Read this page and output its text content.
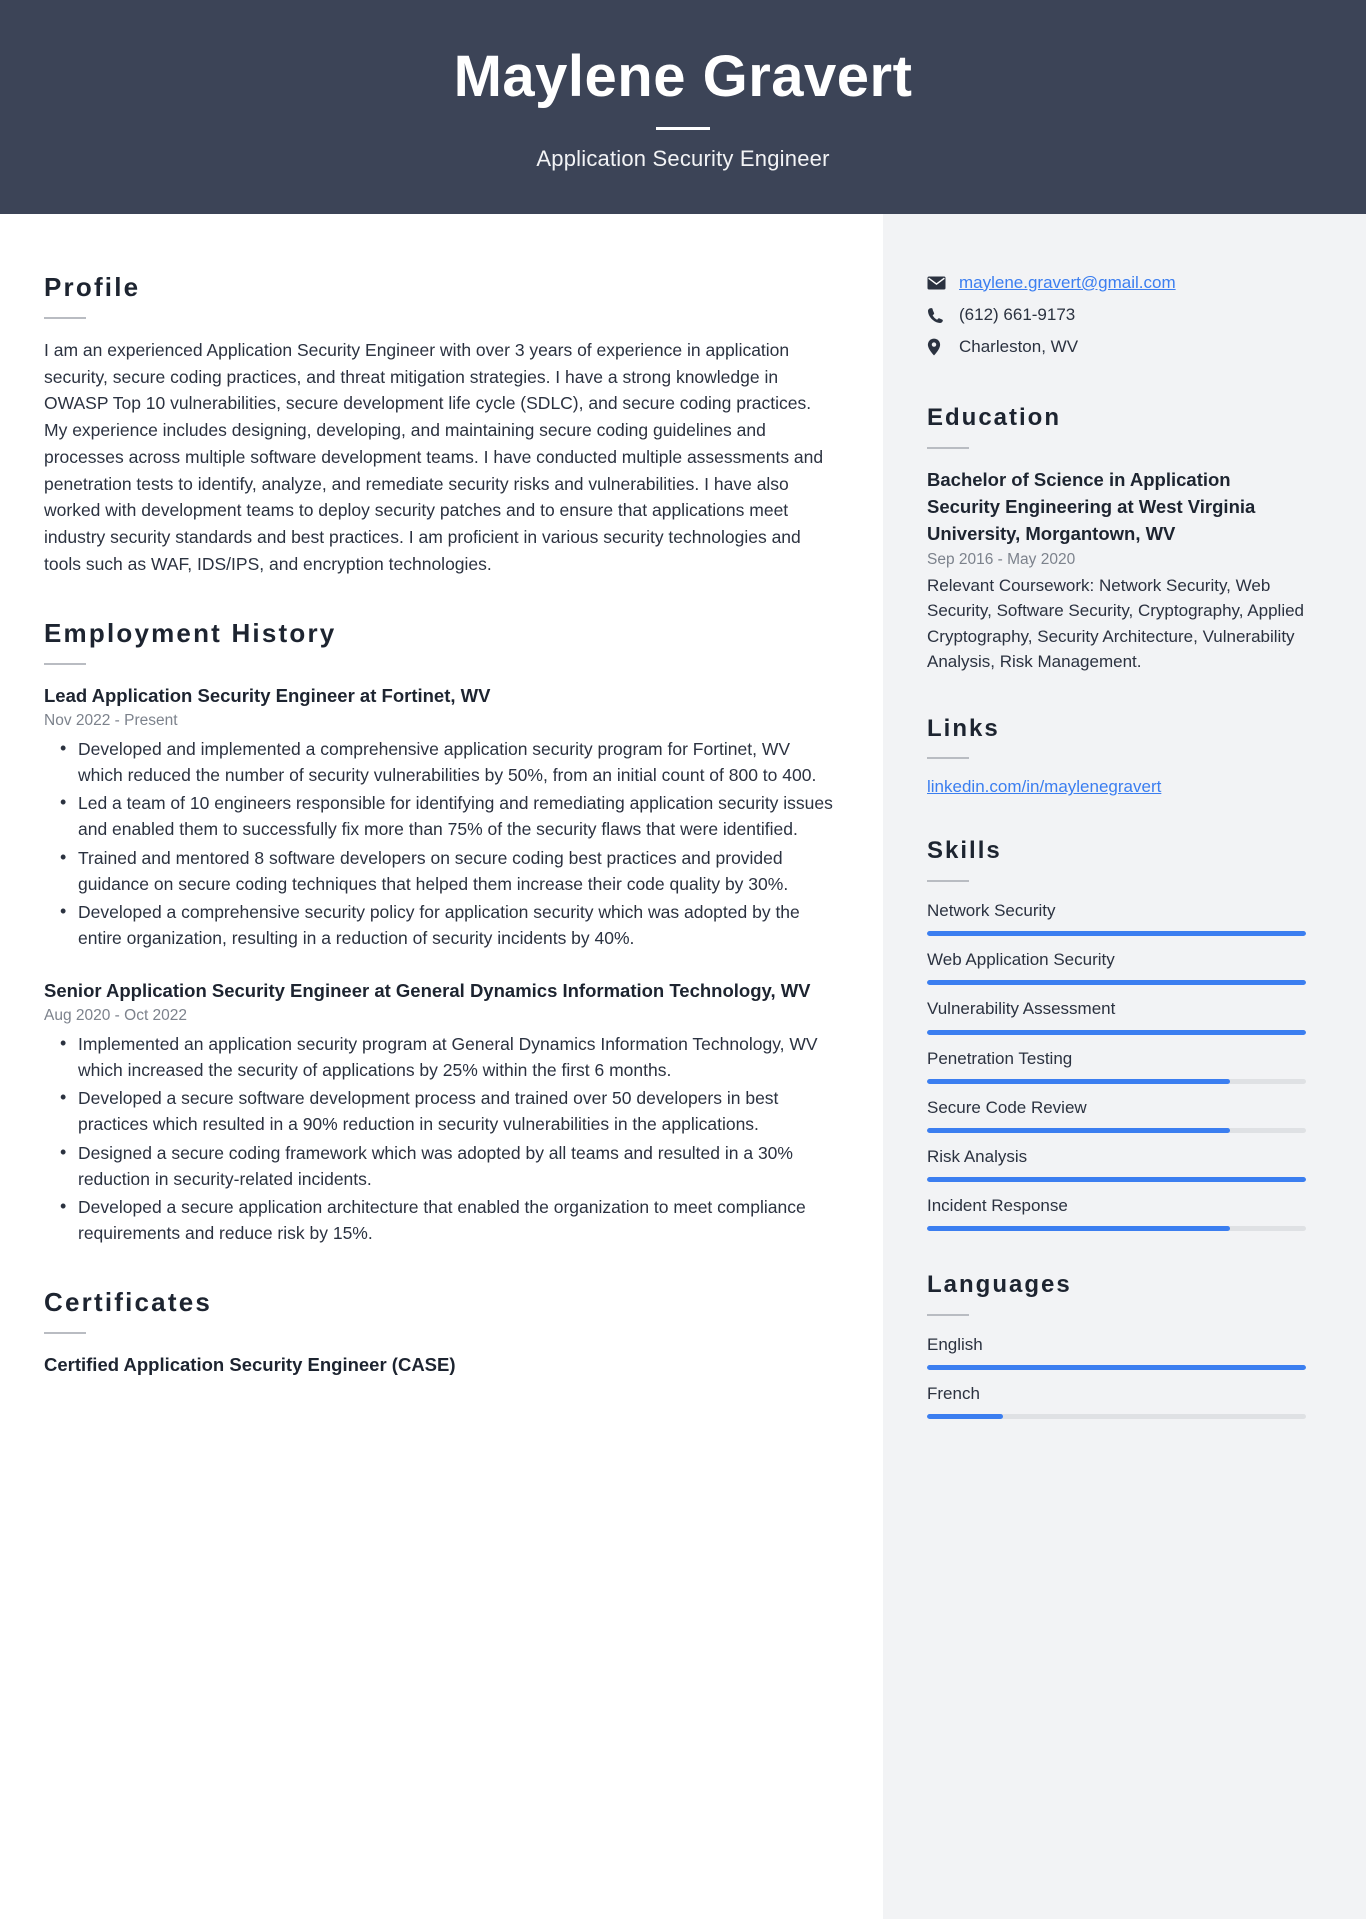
Maylene Gravert
Application Security Engineer
Profile
I am an experienced Application Security Engineer with over 3 years of experience in application security, secure coding practices, and threat mitigation strategies. I have a strong knowledge in OWASP Top 10 vulnerabilities, secure development life cycle (SDLC), and secure coding practices. My experience includes designing, developing, and maintaining secure coding guidelines and processes across multiple software development teams. I have conducted multiple assessments and penetration tests to identify, analyze, and remediate security risks and vulnerabilities. I have also worked with development teams to deploy security patches and to ensure that applications meet industry security standards and best practices. I am proficient in various security technologies and tools such as WAF, IDS/IPS, and encryption technologies.
Employment History
Lead Application Security Engineer at Fortinet, WV
Nov 2022 - Present
• Developed and implemented a comprehensive application security program for Fortinet, WV which reduced the number of security vulnerabilities by 50%, from an initial count of 800 to 400.
• Led a team of 10 engineers responsible for identifying and remediating application security issues and enabled them to successfully fix more than 75% of the security flaws that were identified.
• Trained and mentored 8 software developers on secure coding best practices and provided guidance on secure coding techniques that helped them increase their code quality by 30%.
• Developed a comprehensive security policy for application security which was adopted by the entire organization, resulting in a reduction of security incidents by 40%.
Senior Application Security Engineer at General Dynamics Information Technology, WV
Aug 2020 - Oct 2022
• Implemented an application security program at General Dynamics Information Technology, WV which increased the security of applications by 25% within the first 6 months.
• Developed a secure software development process and trained over 50 developers in best practices which resulted in a 90% reduction in security vulnerabilities in the applications.
• Designed a secure coding framework which was adopted by all teams and resulted in a 30% reduction in security-related incidents.
• Developed a secure application architecture that enabled the organization to meet compliance requirements and reduce risk by 15%.
Certificates
Certified Application Security Engineer (CASE)
maylene.gravert@gmail.com
(612) 661-9173
Charleston, WV
Education
Bachelor of Science in Application Security Engineering at West Virginia University, Morgantown, WV
Sep 2016 - May 2020
Relevant Coursework: Network Security, Web Security, Software Security, Cryptography, Applied Cryptography, Security Architecture, Vulnerability Analysis, Risk Management.
Links
linkedin.com/in/maylenegravert
Skills
Network Security
Web Application Security
Vulnerability Assessment
Penetration Testing
Secure Code Review
Risk Analysis
Incident Response
Languages
English
French
